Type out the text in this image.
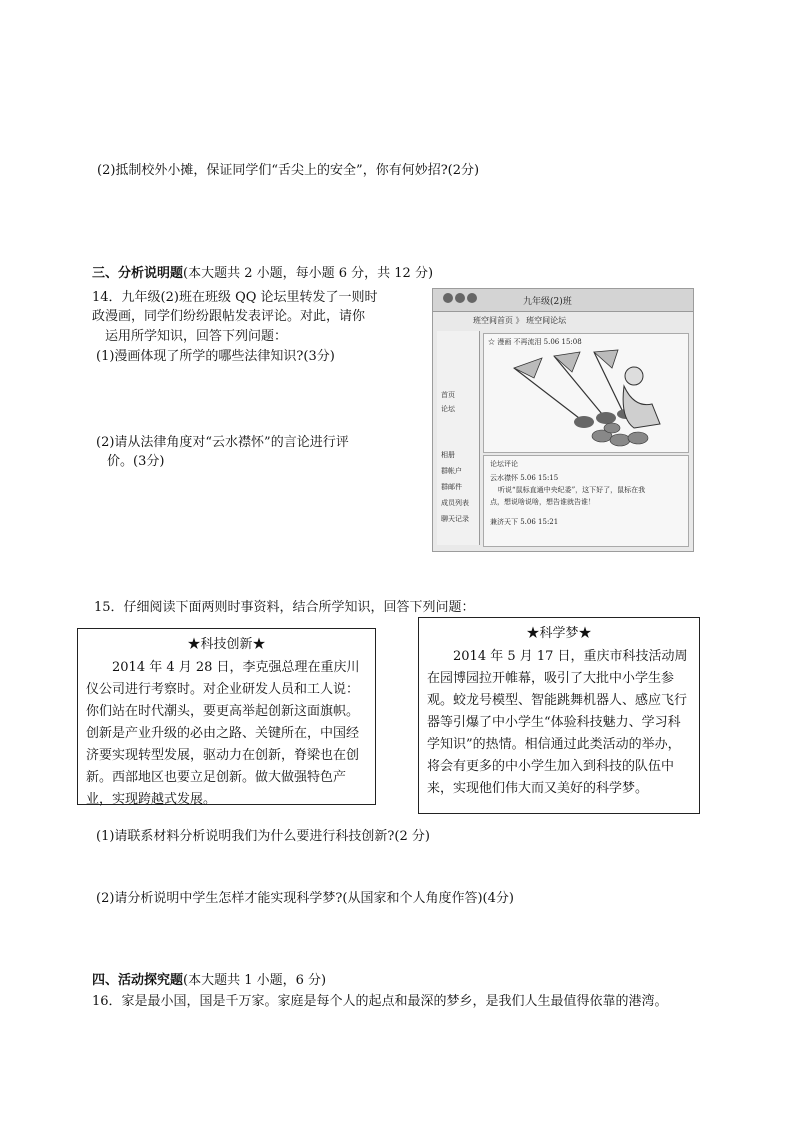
(2)抵制校外小摊，保证同学们“舌尖上的安全”，你有何妙招?(2分)
三、分析说明题(本大题共 2 小题，每小题 6 分，共 12 分)
14．九年级(2)班在班级 QQ 论坛里转发了一则时
政漫画，同学们纷纷跟帖发表评论。对此，请你
运用所学知识，回答下列问题：
(1)漫画体现了所学的哪些法律知识?(3分)
(2)请从法律角度对“云水襟怀”的言论进行评
价。(3分)
九年级(2)班
班空间首页 》 班空间论坛
首页
论坛
相册
群帐户
群邮件
成员列表
聊天记录
☆ 漫画 不再流泪 5.06 15:08
论坛评论
云水襟怀 5.06 15:15
听说“鼠标直通中央纪委”，这下好了，鼠标在我
点，想说啥说啥，想告谁就告谁！
兼济天下 5.06 15:21
15．仔细阅读下面两则时事资料，结合所学知识，回答下列问题：
★科技创新★
2014 年 4 月 28 日，李克强总理在重庆川仪公司进行考察时。对企业研发人员和工人说：你们站在时代潮头，要更高举起创新这面旗帜。创新是产业升级的必由之路、关键所在，中国经济要实现转型发展，驱动力在创新，脊梁也在创新。西部地区也要立足创新。做大做强特色产业，实现跨越式发展。
★科学梦★
2014 年 5 月 17 日，重庆市科技活动周在园博园拉开帷幕，吸引了大批中小学生参观。蛟龙号模型、智能跳舞机器人、感应飞行器等引爆了中小学生“体验科技魅力、学习科学知识”的热情。相信通过此类活动的举办，将会有更多的中小学生加入到科技的队伍中来，实现他们伟大而又美好的科学梦。
(1)请联系材料分析说明我们为什么要进行科技创新?(2 分)
(2)请分析说明中学生怎样才能实现科学梦?(从国家和个人角度作答)(4分)
四、活动探究题(本大题共 1 小题，6 分)
16．家是最小国，国是千万家。家庭是每个人的起点和最深的梦乡，是我们人生最值得依靠的港湾。
